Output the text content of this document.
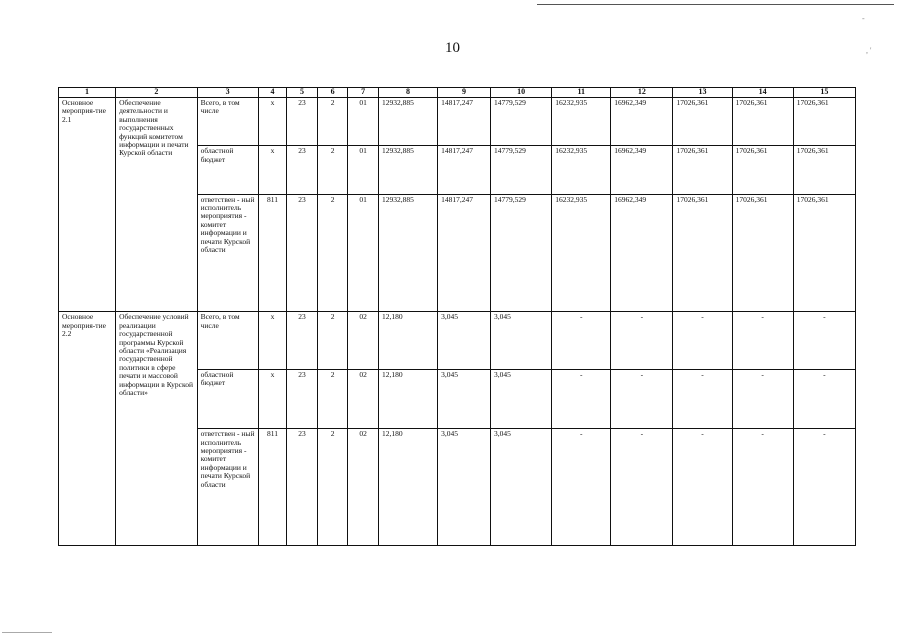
-
, '
10
1	2	3	4	5	6	7	8	9	10	11	12	13	14	15
Основное мероприя-тие 2.1	Обеспечение деятельности и выполнения государственных функций комитетом информации и печати Курской области	Всего, в том числе	х	23	2	01	12932,885	14817,247	14779,529	16232,935	16962,349	17026,361	17026,361	17026,361
		областной бюджет	х	23	2	01	12932,885	14817,247	14779,529	16232,935	16962,349	17026,361	17026,361	17026,361
		ответствен - ный исполнитель мероприятия - комитет информации и печати Курской области	811	23	2	01	12932,885	14817,247	14779,529	16232,935	16962,349	17026,361	17026,361	17026,361
Основное мероприя-тие 2.2	Обеспечение условий реализации государственной программы Курской области «Реализация государственной политики в сфере печати и массовой информации в Курской области»	Всего, в том числе	х	23	2	02	12,180	3,045	3,045	-	-	-	-	-
		областной бюджет	х	23	2	02	12,180	3,045	3,045	-	-	-	-	-
		ответствен - ный исполнитель мероприятия - комитет информации и печати Курской области	811	23	2	02	12,180	3,045	3,045	-	-	-	-	-
